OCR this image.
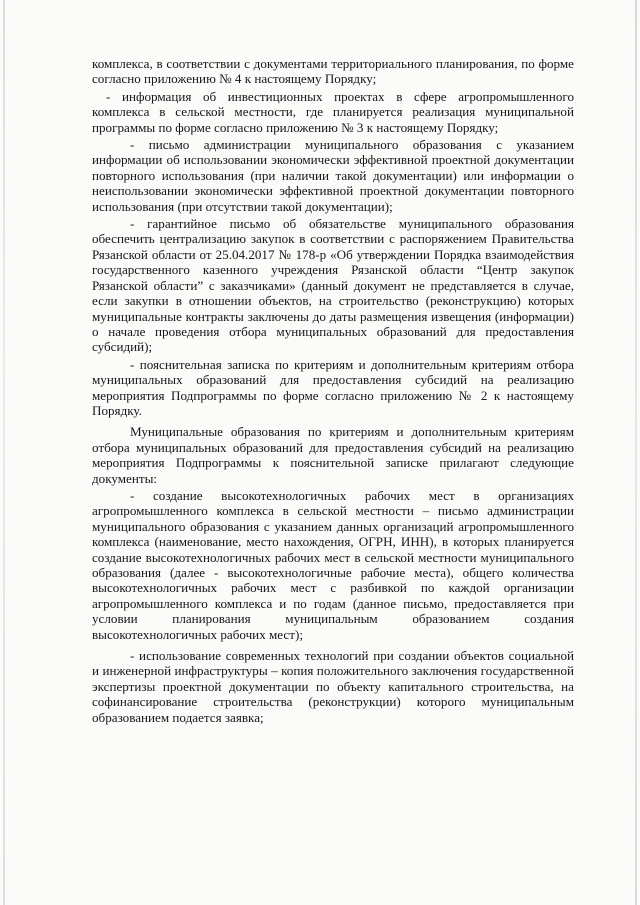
комплекса, в соответствии с документами территориального планирования, по форме согласно приложению № 4 к настоящему Порядку;

- информация об инвестиционных проектах в сфере агропромышленного комплекса в сельской местности, где планируется реализация муниципальной программы по форме согласно приложению № 3 к настоящему Порядку;

- письмо администрации муниципального образования с указанием информации об использовании экономически эффективной проектной документации повторного использования (при наличии такой документации) или информации о неиспользовании экономически эффективной проектной документации повторного использования (при отсутствии такой документации);

- гарантийное письмо об обязательстве муниципального образования обеспечить централизацию закупок в соответствии с распоряжением Правительства Рязанской области от 25.04.2017 № 178-р «Об утверждении Порядка взаимодействия государственного казенного учреждения Рязанской области “Центр закупок Рязанской области” с заказчиками» (данный документ не представляется в случае, если закупки в отношении объектов, на строительство (реконструкцию) которых муниципальные контракты заключены до даты размещения извещения (информации) о начале проведения отбора муниципальных образований для предоставления субсидий);

- пояснительная записка по критериям и дополнительным критериям отбора муниципальных образований для предоставления субсидий на реализацию мероприятия Подпрограммы по форме согласно приложению № 2 к настоящему Порядку.

Муниципальные образования по критериям и дополнительным критериям отбора муниципальных образований для предоставления субсидий на реализацию мероприятия Подпрограммы к пояснительной записке прилагают следующие документы:

- создание высокотехнологичных рабочих мест в организациях агропромышленного комплекса в сельской местности – письмо администрации муниципального образования с указанием данных организаций агропромышленного комплекса (наименование, место нахождения, ОГРН, ИНН), в которых планируется создание высокотехнологичных рабочих мест в сельской местности муниципального образования (далее - высокотехнологичные рабочие места), общего количества высокотехнологичных рабочих мест с разбивкой по каждой организации агропромышленного комплекса и по годам (данное письмо, предоставляется при условии планирования муниципальным образованием создания высокотехнологичных рабочих мест);

- использование современных технологий при создании объектов социальной и инженерной инфраструктуры – копия положительного заключения государственной экспертизы проектной документации по объекту капитального строительства, на софинансирование строительства (реконструкции) которого муниципальным образованием подается заявка;
